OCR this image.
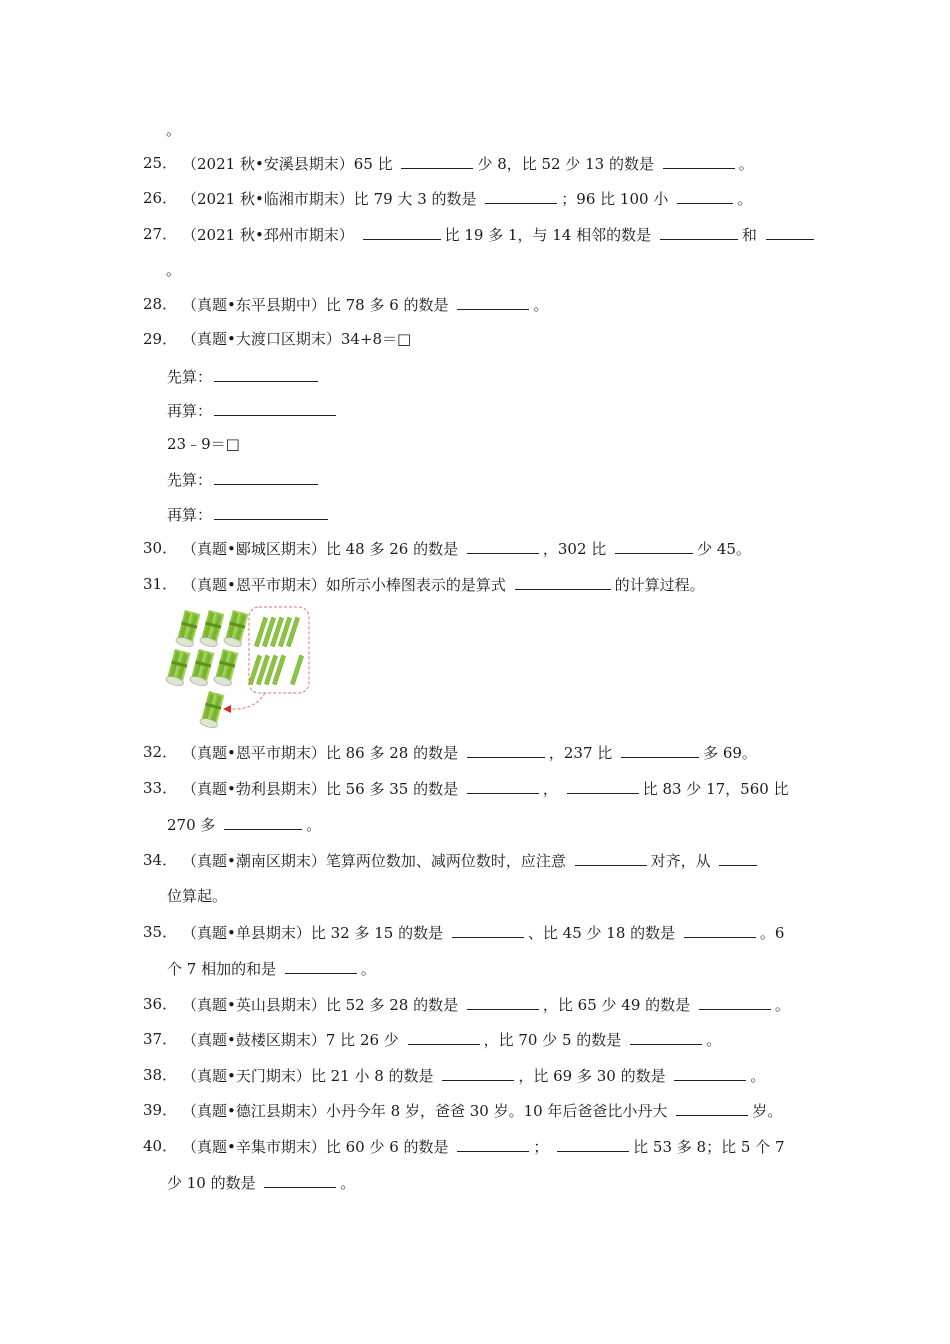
。
25． （2021 秋•安溪县期末）65 比	少 8，比 52 少 13 的数是	。
26． （2021 秋•临湘市期末）比 79 大 3 的数是	；96 比 100 小	。
27． （2021 秋•邳州市期末）	比 19 多 1，与 14 相邻的数是	和
。
28． （真题•东平县期中）比 78 多 6 的数是	。
29． （真题•大渡口区期末）34+8＝□
先算：
再算：
23﹣9＝□
先算：
再算：
30． （真题•郾城区期末）比 48 多 26 的数是	，302 比	少 45。
31． （真题•恩平市期末）如所示小棒图表示的是算式	的计算过程。
32． （真题•恩平市期末）比 86 多 28 的数是	，237 比	多 69。
33． （真题•勃利县期末）比 56 多 35 的数是	，	比 83 少 17，560 比
270 多	。
34． （真题•潮南区期末）笔算两位数加、减两位数时，应注意	对齐，从
位算起。
35． （真题•单县期末）比 32 多 15 的数是	、比 45 少 18 的数是	。6
个 7 相加的和是	。
36． （真题•英山县期末）比 52 多 28 的数是	，比 65 少 49 的数是	。
37． （真题•鼓楼区期末）7 比 26 少	，比 70 少 5 的数是	。
38． （真题•天门期末）比 21 小 8 的数是	，比 69 多 30 的数是	。
39． （真题•德江县期末）小丹今年 8 岁，爸爸 30 岁。10 年后爸爸比小丹大	岁。
40． （真题•辛集市期末）比 60 少 6 的数是	；	比 53 多 8；比 5 个 7
少 10 的数是	。
